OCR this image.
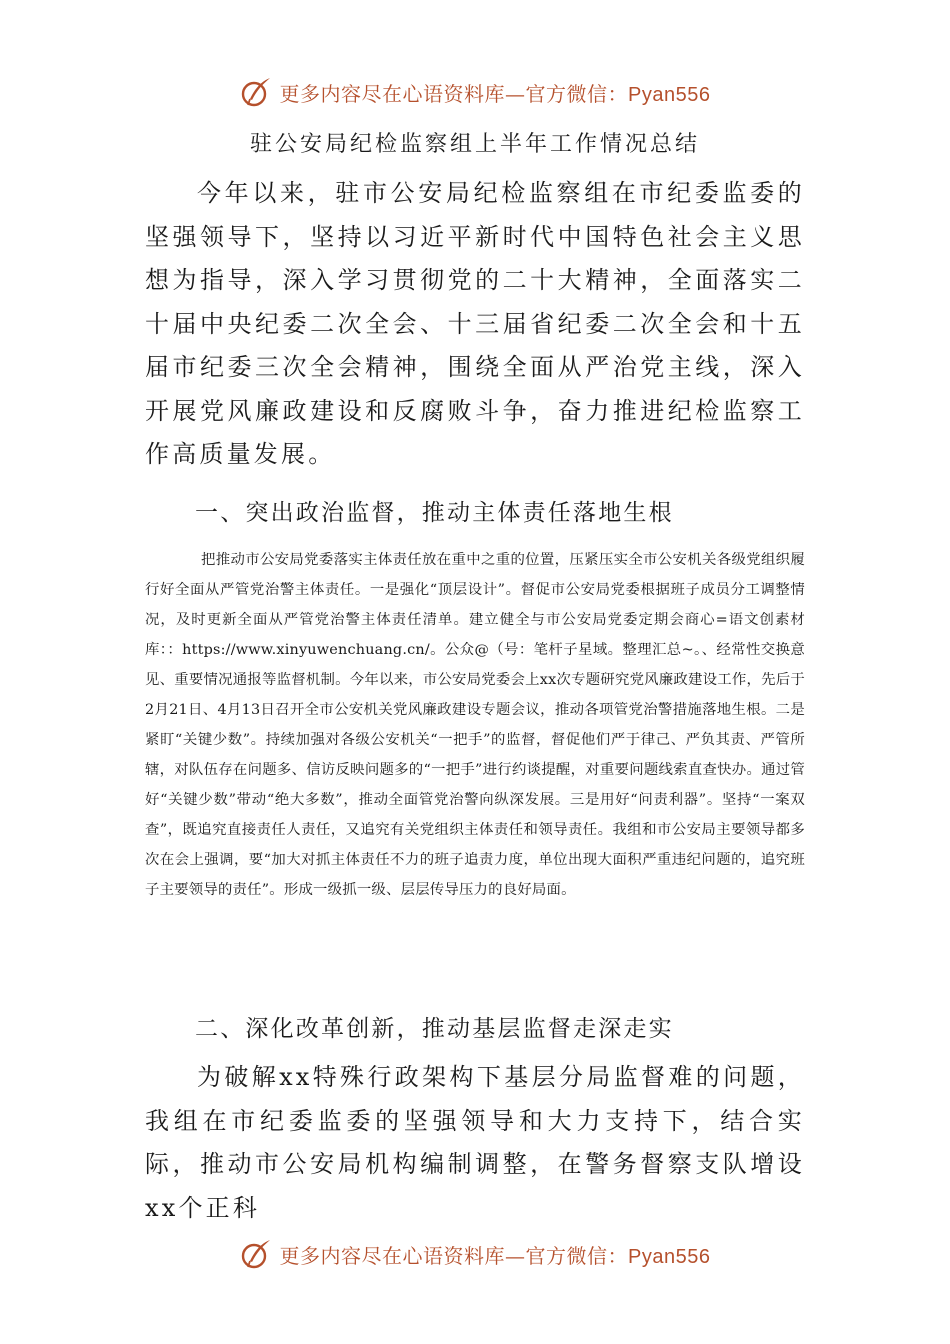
更多内容尽在心语资料库—官方微信：Pyan556
驻公安局纪检监察组上半年工作情况总结

今年以来，驻市公安局纪检监察组在市纪委监委的坚强领导下，坚持以习近平新时代中国特色社会主义思想为指导，深入学习贯彻党的二十大精神，全面落实二十届中央纪委二次全会、十三届省纪委二次全会和十五届市纪委三次全会精神，围绕全面从严治党主线，深入开展党风廉政建设和反腐败斗争，奋力推进纪检监察工作高质量发展。

一、突出政治监督，推动主体责任落地生根

把推动市公安局党委落实主体责任放在重中之重的位置，压紧压实全市公安机关各级党组织履行好全面从严管党治警主体责任。一是强化“顶层设计”。督促市公安局党委根据班子成员分工调整情况，及时更新全面从严管党治警主体责任清单。建立健全与市公安局党委定期会商心=语文创素材库：：https://www.xinyuwenchuang.cn/。公众@（号：笔杆子星域。整理汇总~。、经常性交换意见、重要情况通报等监督机制。今年以来，市公安局党委会上xx次专题研究党风廉政建设工作，先后于2月21日、4月13日召开全市公安机关党风廉政建设专题会议，推动各项管党治警措施落地生根。二是紧盯“关键少数”。持续加强对各级公安机关“一把手”的监督，督促他们严于律己、严负其责、严管所辖，对队伍存在问题多、信访反映问题多的“一把手”进行约谈提醒，对重要问题线索直查快办。通过管好“关键少数”带动“绝大多数”，推动全面管党治警向纵深发展。三是用好“问责利器”。坚持“一案双查”，既追究直接责任人责任，又追究有关党组织主体责任和领导责任。我组和市公安局主要领导都多次在会上强调，要“加大对抓主体责任不力的班子追责力度，单位出现大面积严重违纪问题的，追究班子主要领导的责任”。形成一级抓一级、层层传导压力的良好局面。

二、深化改革创新，推动基层监督走深走实

为破解xx特殊行政架构下基层分局监督难的问题，我组在市纪委监委的坚强领导和大力支持下，结合实际，推动市公安局机构编制调整，在警务督察支队增设xx个正科

更多内容尽在心语资料库—官方微信：Pyan556
